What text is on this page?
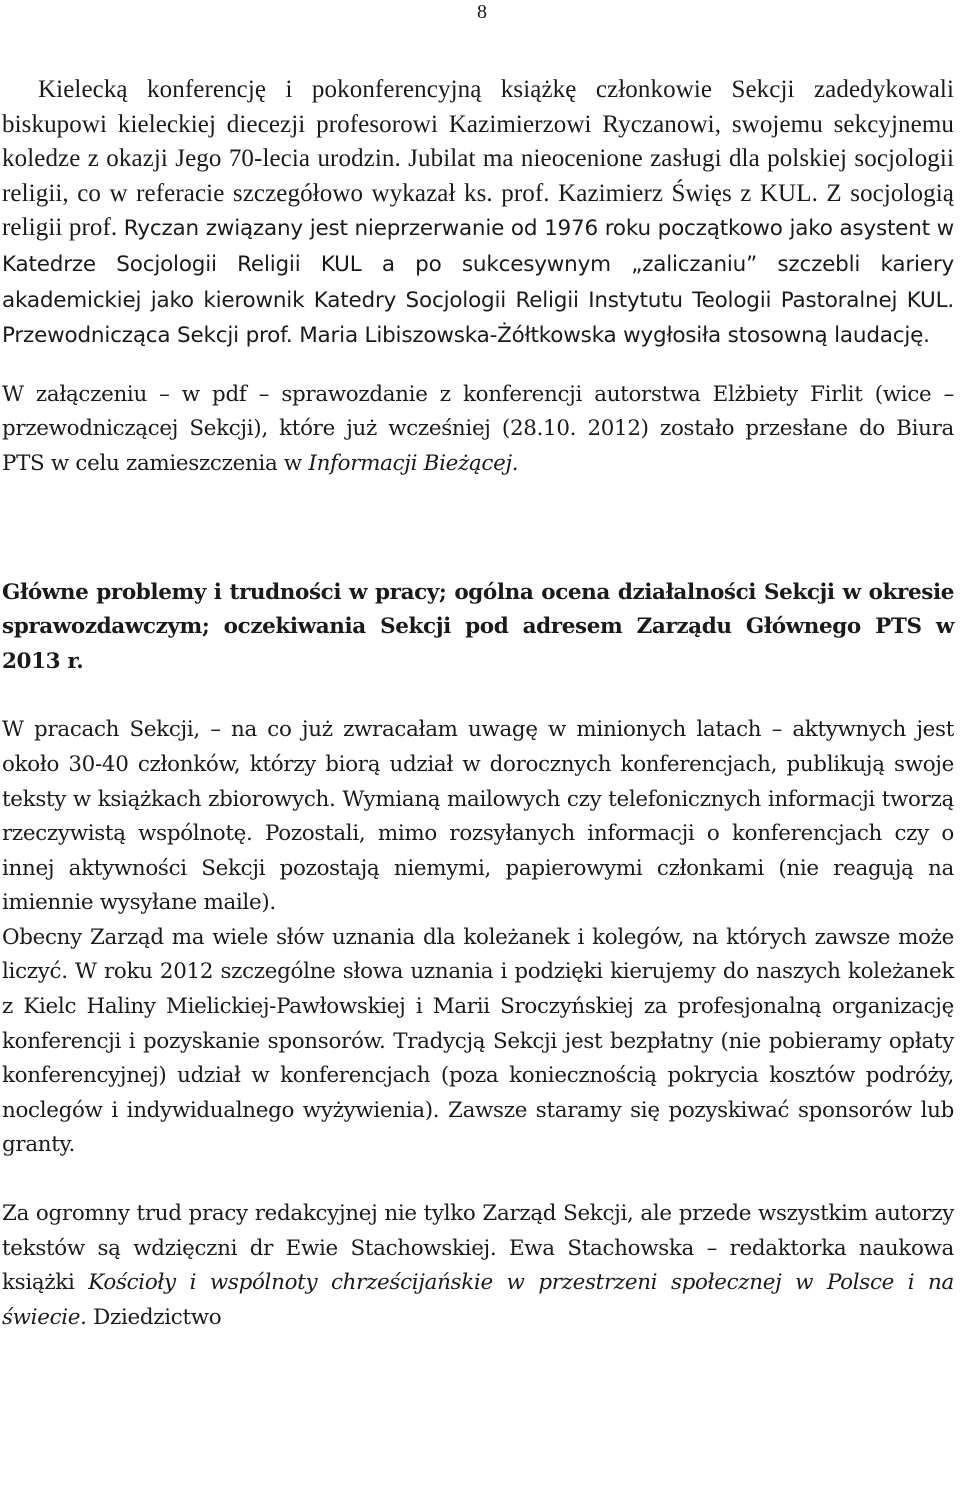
8

Kielecką konferencję i pokonferencyjną książkę członkowie Sekcji zadedykowali biskupowi kieleckiej diecezji profesorowi Kazimierzowi Ryczanowi, swojemu sekcyjnemu koledze z okazji Jego 70-lecia urodzin. Jubilat ma nieocenione zasługi dla polskiej socjologii religii, co w referacie szczegółowo wykazał ks. prof. Kazimierz Święs z KUL. Z socjologią religii prof. Ryczan związany jest nieprzerwanie od 1976 roku początkowo jako asystent w Katedrze Socjologii Religii KUL a po sukcesywnym „zaliczaniu” szczebli kariery akademickiej jako kierownik Katedry Socjologii Religii Instytutu Teologii Pastoralnej KUL. Przewodnicząca Sekcji prof. Maria Libiszowska-Żółtkowska wygłosiła stosowną laudację.

W załączeniu – w pdf – sprawozdanie z konferencji autorstwa Elżbiety Firlit (wice – przewodniczącej Sekcji), które już wcześniej (28.10. 2012) zostało przesłane do Biura PTS w celu zamieszczenia w Informacji Bieżącej.

Główne problemy i trudności w pracy; ogólna ocena działalności Sekcji w okresie sprawozdawczym; oczekiwania Sekcji pod adresem Zarządu Głównego PTS w 2013 r.

W pracach Sekcji, – na co już zwracałam uwagę w minionych latach – aktywnych jest około 30-40 członków, którzy biorą udział w dorocznych konferencjach, publikują swoje teksty w książkach zbiorowych. Wymianą mailowych czy telefonicznych informacji tworzą rzeczywistą wspólnotę. Pozostali, mimo rozsyłanych informacji o konferencjach czy o innej aktywności Sekcji pozostają niemymi, papierowymi członkami (nie reagują na imiennie wysyłane maile).

Obecny Zarząd ma wiele słów uznania dla koleżanek i kolegów, na których zawsze może liczyć. W roku 2012 szczególne słowa uznania i podzięki kierujemy do naszych koleżanek z Kielc Haliny Mielickiej-Pawłowskiej i Marii Sroczyńskiej za profesjonalną organizację konferencji i pozyskanie sponsorów. Tradycją Sekcji jest bezpłatny (nie pobieramy opłaty konferencyjnej) udział w konferencjach (poza koniecznością pokrycia kosztów podróży, noclegów i indywidualnego wyżywienia). Zawsze staramy się pozyskiwać sponsorów lub granty.

Za ogromny trud pracy redakcyjnej nie tylko Zarząd Sekcji, ale przede wszystkim autorzy tekstów są wdzięczni dr Ewie Stachowskiej. Ewa Stachowska – redaktorka naukowa książki Kościoły i wspólnoty chrześcijańskie w przestrzeni społecznej w Polsce i na świecie. Dziedzictwo
